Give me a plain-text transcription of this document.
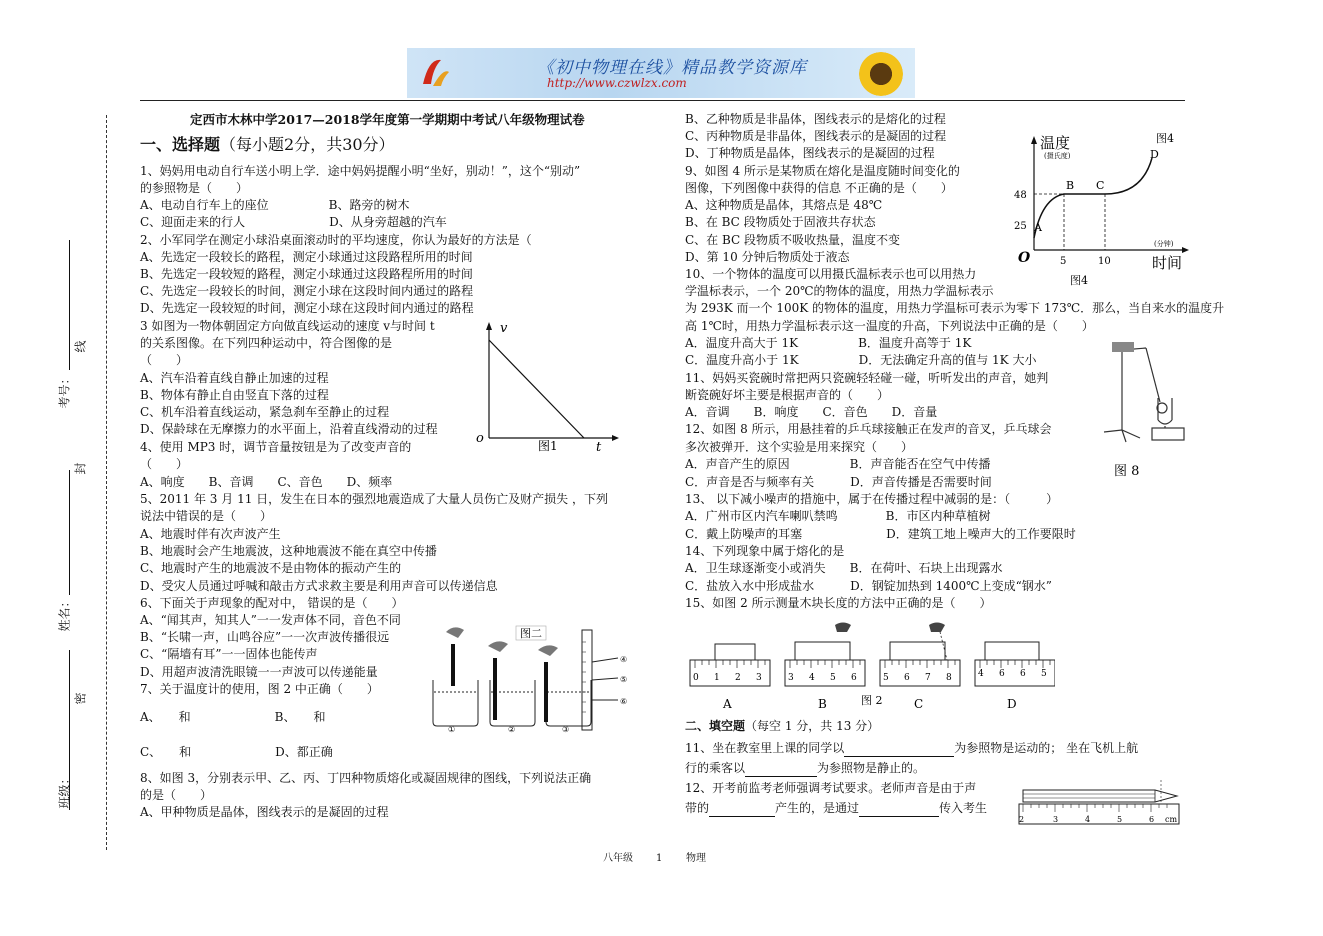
《初中物理在线》精品教学资源库
http://www.czwlzx.com
班级：
密
姓名：
封
考号：
线
定西市木林中学2017—2018学年度第一学期期中考试八年级物理试卷
一、选择题（每小题2分，共30分）
1、妈妈用电动自行车送小明上学．途中妈妈提醒小明“坐好，别动！”，这个“别动”
的参照物是（　　）
A、电动自行车上的座位　　　　　B、路旁的树木
C、迎面走来的行人　　　　　　　D、从身旁超越的汽车
2、小军同学在测定小球沿桌面滚动时的平均速度，你认为最好的方法是（
A、先选定一段较长的路程，测定小球通过这段路程所用的时间
B、先选定一段较短的路程，测定小球通过这段路程所用的时间
C、先选定一段较长的时间，测定小球在这段时间内通过的路程
D、先选定一段较短的时间，测定小球在这段时间内通过的路程
3 如图为一物体朝固定方向做直线运动的速度 v与时间 t
的关系图像。在下列四种运动中，符合图像的是
（　　）
A、汽车沿着直线自静止加速的过程
B、物体有静止自由竖直下落的过程
C、机车沿着直线运动，紧急刹车至静止的过程
D、保龄球在无摩擦力的水平面上，沿着直线滑动的过程
4、使用 MP3 时，调节音量按钮是为了改变声音的
（　　）
A、响度　　B、音调　　C、音色　　D、频率
5、2011 年 3 月 11 日，发生在日本的强烈地震造成了大量人员伤亡及财产损失 ，下列
说法中错误的是（　　）
A、地震时伴有次声波产生
B、地震时会产生地震波，这种地震波不能在真空中传播
C、地震时产生的地震波不是由物体的振动产生的
D、受灾人员通过呼喊和敲击方式求救主要是利用声音可以传递信息
6、下面关于声现象的配对中， 错误的是（　　）
A、“闻其声，知其人”一一发声体不同，音色不同
B、“长啸一声，山鸣谷应”一一次声波传播很远
C、“隔墙有耳”一一固体也能传声
D、用超声波清洗眼镜一一声波可以传递能量
7、关于温度计的使用，图 2 中正确（　　）
A、　　和　　　　　　　B、　　和
C、　　和　　　　　　　D、都正确
8、如图 3，分别表示甲、乙、丙、丁四种物质熔化或凝固规律的图线，下列说法正确
的是（　　）
A、甲种物质是晶体，图线表示的是凝固的过程
B、乙种物质是非晶体，图线表示的是熔化的过程
C、丙种物质是非晶体，图线表示的是凝固的过程
D、丁种物质是晶体，图线表示的是凝固的过程
9、如图 4 所示是某物质在熔化是温度随时间变化的
图像，下列图像中获得的信息 不正确的是（　　）
A、这种物质是晶体，其熔点是 48℃
B、在 BC 段物质处于固液共存状态
C、在 BC 段物质不吸收热量，温度不变
D、第 10 分钟后物质处于液态
10、一个物体的温度可以用摄氏温标表示也可以用热力
学温标表示，一个 20℃的物体的温度，用热力学温标表示
为 293K 而一个 100K 的物体的温度，用热力学温标可表示为零下 173℃．那么，当自来水的温度升
高 1℃时，用热力学温标表示这一温度的升高，下列说法中正确的是（　　）
A．温度升高大于 1K　　　　　B．温度升高等于 1K
C．温度升高小于 1K　　　　　D．无法确定升高的值与 1K 大小
11、妈妈买瓷碗时常把两只瓷碗轻轻碰一碰，听听发出的声音，她判
断瓷碗好坏主要是根据声音的（　　）
A．音调　　B．响度　　C．音色　　D．音量
12、如图 8 所示，用悬挂着的乒乓球接触正在发声的音叉，乒乓球会
多次被弹开．这个实验是用来探究（　　）
A．声音产生的原因　　　　　B．声音能否在空气中传播
C．声音是否与频率有关　　　D．声音传播是否需要时间
13、 以下减小噪声的措施中，属于在传播过程中减弱的是：（　　　）
A．广州市区内汽车喇叭禁鸣　　　　B．市区内种草植树
C．戴上防噪声的耳塞　　　　　　　D．建筑工地上噪声大的工作要限时
14、下列现象中属于熔化的是
A．卫生球逐渐变小或消失　　B．在荷叶、石块上出现露水
C．盐放入水中形成盐水　　　D．钢锭加热到 1400℃上变成“钢水”
15、如图 2 所示测量木块长度的方法中正确的是（　　）
v
t
o	图1
图二
①	②	③
④
⑤
⑥
温度
(摄氏度)
图4
48
25 A
B C
D
5	10
O
(分钟)
时间
图4
图 8
0 1 2 3	3 4 5 6	5 6 7 8	4 6 6 5
A	B	图 2	C	D
二、填空题（每空 1 分，共 13 分）
11、坐在教室里上课的同学以	为参照物是运动的； 坐在飞机上航
行的乘客以	为参照物是静止的。
12、开考前监考老师强调考试要求。老师声音是由于声
带的	产生的，是通过	传入考生
2	3	4	5	6 cm
八年级 1 物理
